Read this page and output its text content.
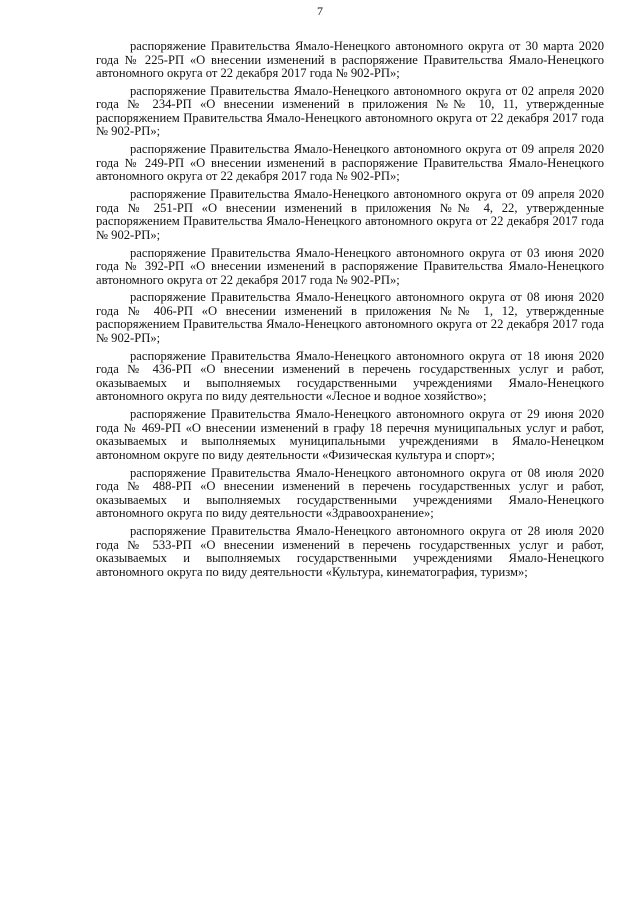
7

распоряжение Правительства Ямало-Ненецкого автономного округа от 30 марта 2020 года № 225-РП «О внесении изменений в распоряжение Правительства Ямало-Ненецкого автономного округа от 22 декабря 2017 года № 902-РП»;

распоряжение Правительства Ямало-Ненецкого автономного округа от 02 апреля 2020 года № 234-РП «О внесении изменений в приложения №№ 10, 11, утвержденные распоряжением Правительства Ямало-Ненецкого автономного округа от 22 декабря 2017 года № 902-РП»;

распоряжение Правительства Ямало-Ненецкого автономного округа от 09 апреля 2020 года № 249-РП «О внесении изменений в распоряжение Правительства Ямало-Ненецкого автономного округа от 22 декабря 2017 года № 902-РП»;

распоряжение Правительства Ямало-Ненецкого автономного округа от 09 апреля 2020 года № 251-РП «О внесении изменений в приложения №№ 4, 22, утвержденные распоряжением Правительства Ямало-Ненецкого автономного округа от 22 декабря 2017 года № 902-РП»;

распоряжение Правительства Ямало-Ненецкого автономного округа от 03 июня 2020 года № 392-РП «О внесении изменений в распоряжение Правительства Ямало-Ненецкого автономного округа от 22 декабря 2017 года № 902-РП»;

распоряжение Правительства Ямало-Ненецкого автономного округа от 08 июня 2020 года № 406-РП «О внесении изменений в приложения №№ 1, 12, утвержденные распоряжением Правительства Ямало-Ненецкого автономного округа от 22 декабря 2017 года № 902-РП»;

распоряжение Правительства Ямало-Ненецкого автономного округа от 18 июня 2020 года № 436-РП «О внесении изменений в перечень государственных услуг и работ, оказываемых и выполняемых государственными учреждениями Ямало-Ненецкого автономного округа по виду деятельности «Лесное и водное хозяйство»;

распоряжение Правительства Ямало-Ненецкого автономного округа от 29 июня 2020 года № 469-РП «О внесении изменений в графу 18 перечня муниципальных услуг и работ, оказываемых и выполняемых муниципальными учреждениями в Ямало-Ненецком автономном округе по виду деятельности «Физическая культура и спорт»;

распоряжение Правительства Ямало-Ненецкого автономного округа от 08 июля 2020 года № 488-РП «О внесении изменений в перечень государственных услуг и работ, оказываемых и выполняемых государственными учреждениями Ямало-Ненецкого автономного округа по виду деятельности «Здравоохранение»;

распоряжение Правительства Ямало-Ненецкого автономного округа от 28 июля 2020 года № 533-РП «О внесении изменений в перечень государственных услуг и работ, оказываемых и выполняемых государственными учреждениями Ямало-Ненецкого автономного округа по виду деятельности «Культура, кинематография, туризм»;
